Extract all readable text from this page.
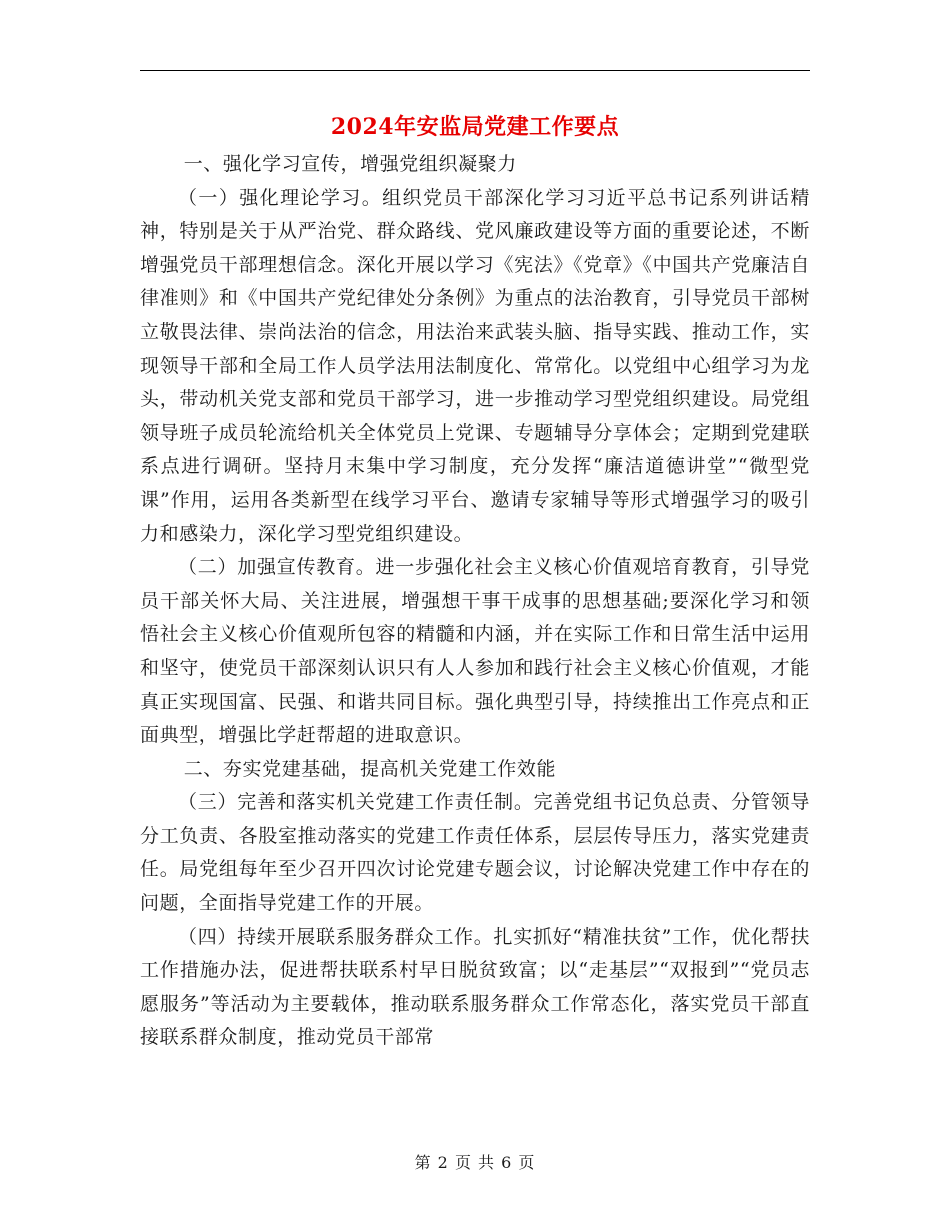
2024年安监局党建工作要点

一、强化学习宣传，增强党组织凝聚力

（一）强化理论学习。组织党员干部深化学习习近平总书记系列讲话精神，特别是关于从严治党、群众路线、党风廉政建设等方面的重要论述，不断增强党员干部理想信念。深化开展以学习《宪法》《党章》《中国共产党廉洁自律准则》和《中国共产党纪律处分条例》为重点的法治教育，引导党员干部树立敬畏法律、崇尚法治的信念，用法治来武装头脑、指导实践、推动工作，实现领导干部和全局工作人员学法用法制度化、常常化。以党组中心组学习为龙头，带动机关党支部和党员干部学习，进一步推动学习型党组织建设。局党组领导班子成员轮流给机关全体党员上党课、专题辅导分享体会；定期到党建联系点进行调研。坚持月末集中学习制度，充分发挥“廉洁道德讲堂”“微型党课”作用，运用各类新型在线学习平台、邀请专家辅导等形式增强学习的吸引力和感染力，深化学习型党组织建设。

（二）加强宣传教育。进一步强化社会主义核心价值观培育教育，引导党员干部关怀大局、关注进展，增强想干事干成事的思想基础;要深化学习和领悟社会主义核心价值观所包容的精髓和内涵，并在实际工作和日常生活中运用和坚守，使党员干部深刻认识只有人人参加和践行社会主义核心价值观，才能真正实现国富、民强、和谐共同目标。强化典型引导，持续推出工作亮点和正面典型，增强比学赶帮超的进取意识。

二、夯实党建基础，提高机关党建工作效能

（三）完善和落实机关党建工作责任制。完善党组书记负总责、分管领导分工负责、各股室推动落实的党建工作责任体系，层层传导压力，落实党建责任。局党组每年至少召开四次讨论党建专题会议，讨论解决党建工作中存在的问题，全面指导党建工作的开展。

（四）持续开展联系服务群众工作。扎实抓好“精准扶贫”工作，优化帮扶工作措施办法，促进帮扶联系村早日脱贫致富；以“走基层”“双报到”“党员志愿服务”等活动为主要载体，推动联系服务群众工作常态化，落实党员干部直接联系群众制度，推动党员干部常

第 2 页 共 6 页
